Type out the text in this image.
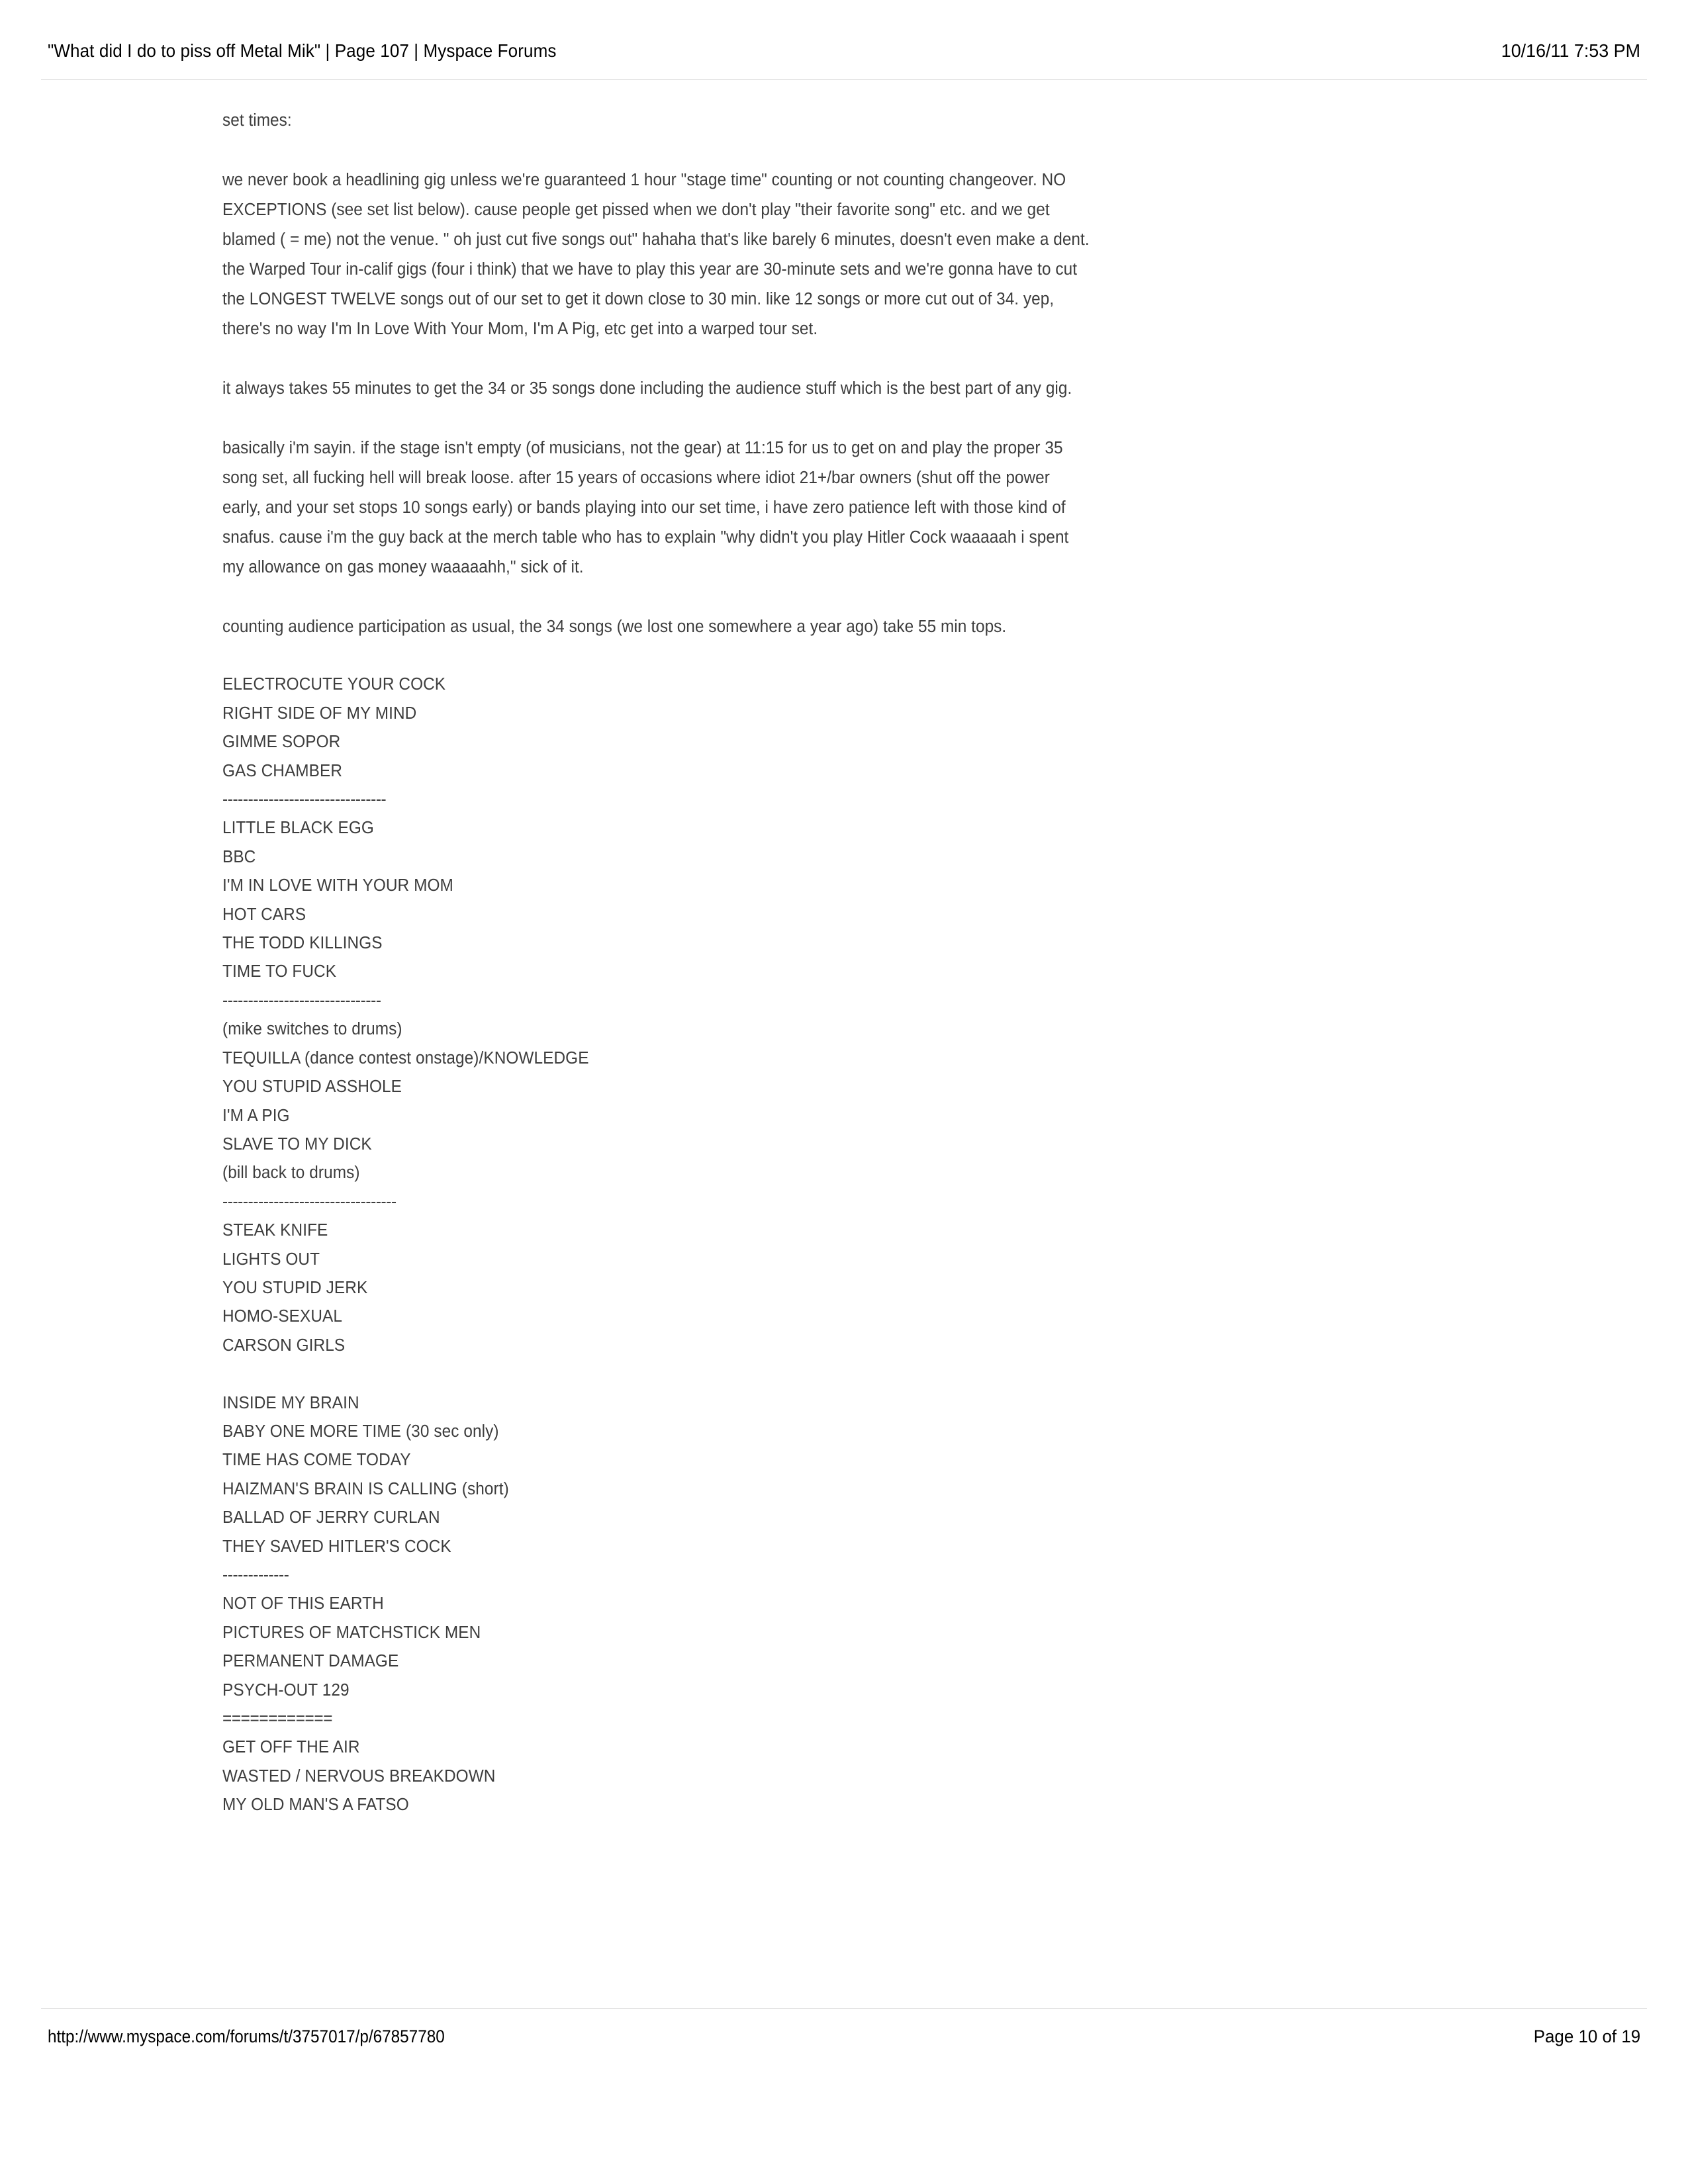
"What did I do to piss off Metal Mik" | Page 107 | Myspace Forums	10/16/11 7:53 PM

set times:

we never book a headlining gig unless we're guaranteed 1 hour "stage time" counting or not counting changeover. NO EXCEPTIONS (see set list below). cause people get pissed when we don't play "their favorite song" etc. and we get blamed ( = me) not the venue. " oh just cut five songs out" hahaha that's like barely 6 minutes, doesn't even make a dent. the Warped Tour in-calif gigs (four i think) that we have to play this year are 30-minute sets and we're gonna have to cut the LONGEST TWELVE songs out of our set to get it down close to 30 min. like 12 songs or more cut out of 34. yep, there's no way I'm In Love With Your Mom, I'm A Pig, etc get into a warped tour set.

it always takes 55 minutes to get the 34 or 35 songs done including the audience stuff which is the best part of any gig.

basically i'm sayin. if the stage isn't empty (of musicians, not the gear) at 11:15 for us to get on and play the proper 35 song set, all fucking hell will break loose. after 15 years of occasions where idiot 21+/bar owners (shut off the power early, and your set stops 10 songs early) or bands playing into our set time, i have zero patience left with those kind of snafus. cause i'm the guy back at the merch table who has to explain "why didn't you play Hitler Cock waaaaah i spent my allowance on gas money waaaaahh," sick of it.

counting audience participation as usual, the 34 songs (we lost one somewhere a year ago) take 55 min tops.

ELECTROCUTE YOUR COCK
RIGHT SIDE OF MY MIND
GIMME SOPOR
GAS CHAMBER
--------------------------------
LITTLE BLACK EGG
BBC
I'M IN LOVE WITH YOUR MOM
HOT CARS
THE TODD KILLINGS
TIME TO FUCK
-------------------------------
(mike switches to drums)
TEQUILLA (dance contest onstage)/KNOWLEDGE
YOU STUPID ASSHOLE
I'M A PIG
SLAVE TO MY DICK
(bill back to drums)
----------------------------------
STEAK KNIFE
LIGHTS OUT
YOU STUPID JERK
HOMO-SEXUAL
CARSON GIRLS

INSIDE MY BRAIN
BABY ONE MORE TIME (30 sec only)
TIME HAS COME TODAY
HAIZMAN'S BRAIN IS CALLING (short)
BALLAD OF JERRY CURLAN
THEY SAVED HITLER'S COCK
-------------
NOT OF THIS EARTH
PICTURES OF MATCHSTICK MEN
PERMANENT DAMAGE
PSYCH-OUT 129
============
GET OFF THE AIR
WASTED / NERVOUS BREAKDOWN
MY OLD MAN'S A FATSO
http://www.myspace.com/forums/t/3757017/p/67857780	Page 10 of 19
